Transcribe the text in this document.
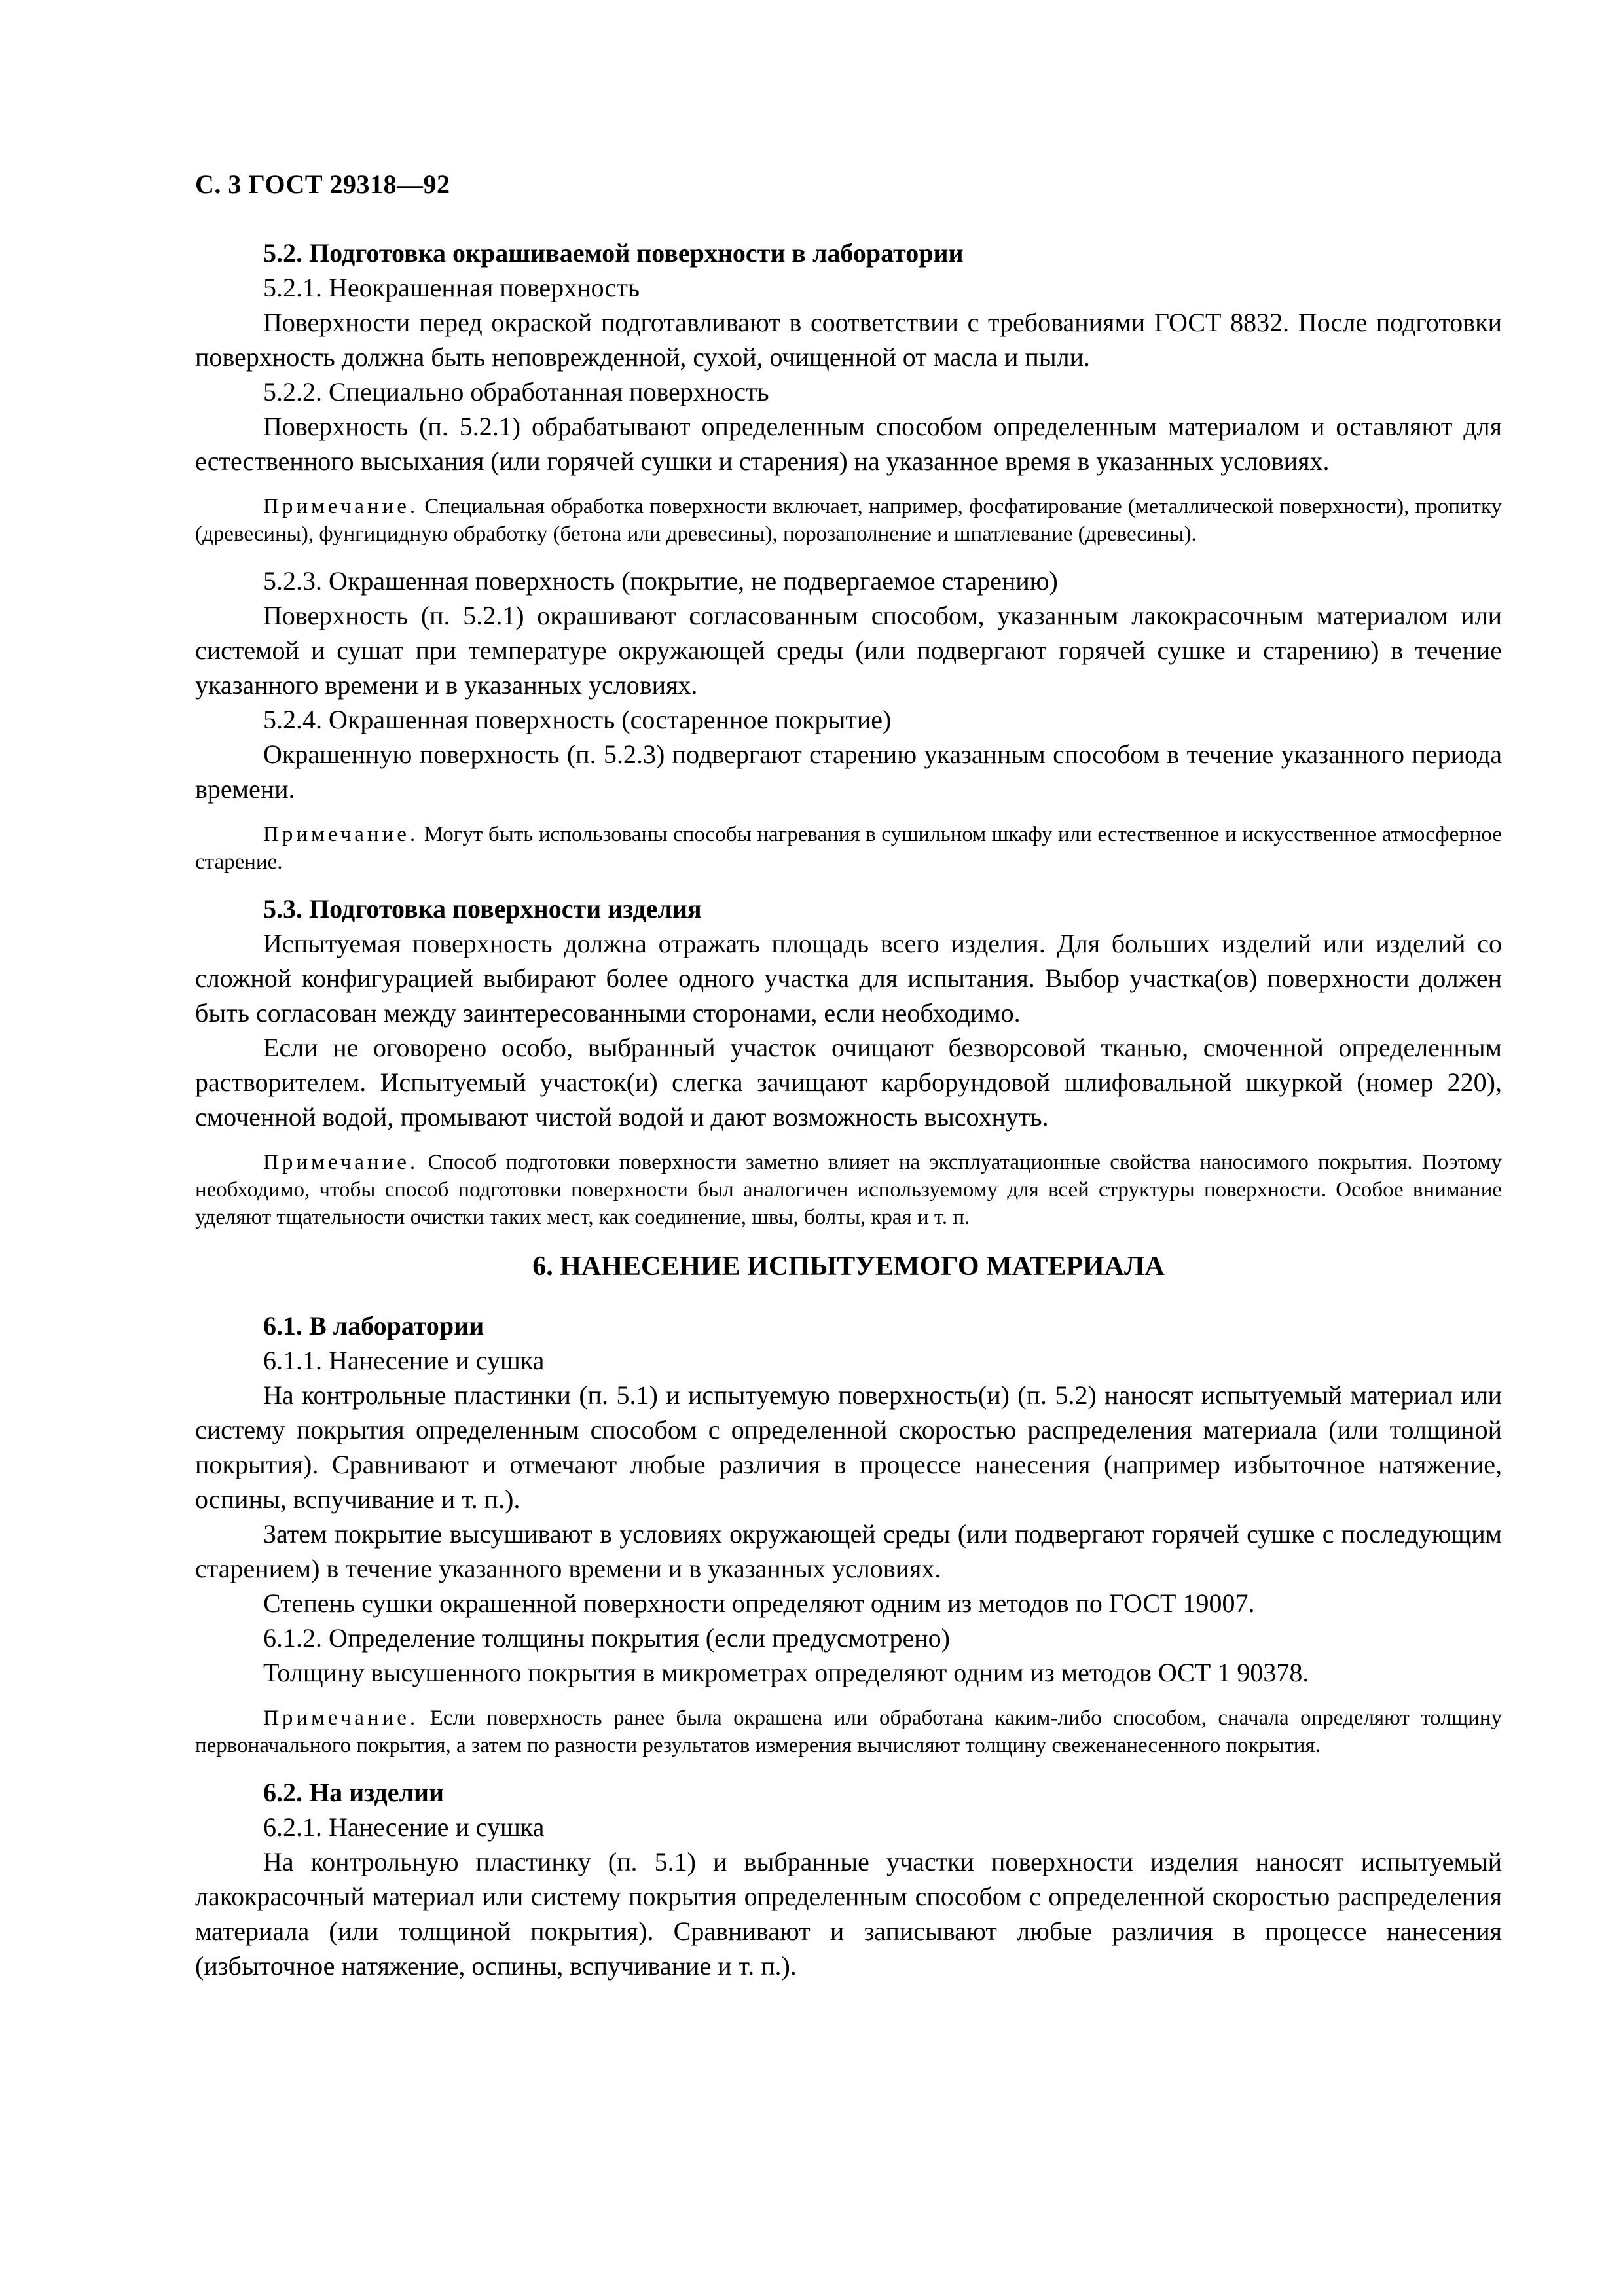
С. 3 ГОСТ 29318—92

5.2. Подготовка окрашиваемой поверхности в лаборатории

5.2.1. Неокрашенная поверхность

Поверхности перед окраской подготавливают в соответствии с требованиями ГОСТ 8832. После подготовки поверхность должна быть неповрежденной, сухой, очищенной от масла и пыли.

5.2.2. Специально обработанная поверхность

Поверхность (п. 5.2.1) обрабатывают определенным способом определенным материалом и оставляют для естественного высыхания (или горячей сушки и старения) на указанное время в указанных условиях.

Примечание. Специальная обработка поверхности включает, например, фосфатирование (металлической поверхности), пропитку (древесины), фунгицидную обработку (бетона или древесины), порозаполнение и шпатлевание (древесины).

5.2.3. Окрашенная поверхность (покрытие, не подвергаемое старению)

Поверхность (п. 5.2.1) окрашивают согласованным способом, указанным лакокрасочным материалом или системой и сушат при температуре окружающей среды (или подвергают горячей сушке и старению) в течение указанного времени и в указанных условиях.

5.2.4. Окрашенная поверхность (состаренное покрытие)

Окрашенную поверхность (п. 5.2.3) подвергают старению указанным способом в течение указанного периода времени.

Примечание. Могут быть использованы способы нагревания в сушильном шкафу или естественное и искусственное атмосферное старение.

5.3. Подготовка поверхности изделия

Испытуемая поверхность должна отражать площадь всего изделия. Для больших изделий или изделий со сложной конфигурацией выбирают более одного участка для испытания. Выбор участка(ов) поверхности должен быть согласован между заинтересованными сторонами, если необходимо.

Если не оговорено особо, выбранный участок очищают безворсовой тканью, смоченной определенным растворителем. Испытуемый участок(и) слегка зачищают карборундовой шлифовальной шкуркой (номер 220), смоченной водой, промывают чистой водой и дают возможность высохнуть.

Примечание. Способ подготовки поверхности заметно влияет на эксплуатационные свойства наносимого покрытия. Поэтому необходимо, чтобы способ подготовки поверхности был аналогичен используемому для всей структуры поверхности. Особое внимание уделяют тщательности очистки таких мест, как соединение, швы, болты, края и т. п.

6. НАНЕСЕНИЕ ИСПЫТУЕМОГО МАТЕРИАЛА

6.1. В лаборатории

6.1.1. Нанесение и сушка

На контрольные пластинки (п. 5.1) и испытуемую поверхность(и) (п. 5.2) наносят испытуемый материал или систему покрытия определенным способом с определенной скоростью распределения материала (или толщиной покрытия). Сравнивают и отмечают любые различия в процессе нанесения (например избыточное натяжение, оспины, вспучивание и т. п.).

Затем покрытие высушивают в условиях окружающей среды (или подвергают горячей сушке с последующим старением) в течение указанного времени и в указанных условиях.

Степень сушки окрашенной поверхности определяют одним из методов по ГОСТ 19007.

6.1.2. Определение толщины покрытия (если предусмотрено)

Толщину высушенного покрытия в микрометрах определяют одним из методов ОСТ 1 90378.

Примечание. Если поверхность ранее была окрашена или обработана каким-либо способом, сначала определяют толщину первоначального покрытия, а затем по разности результатов измерения вычисляют толщину свеженанесенного покрытия.

6.2. На изделии

6.2.1. Нанесение и сушка

На контрольную пластинку (п. 5.1) и выбранные участки поверхности изделия наносят испытуемый лакокрасочный материал или систему покрытия определенным способом с определенной скоростью распределения материала (или толщиной покрытия). Сравнивают и записывают любые различия в процессе нанесения (избыточное натяжение, оспины, вспучивание и т. п.).
